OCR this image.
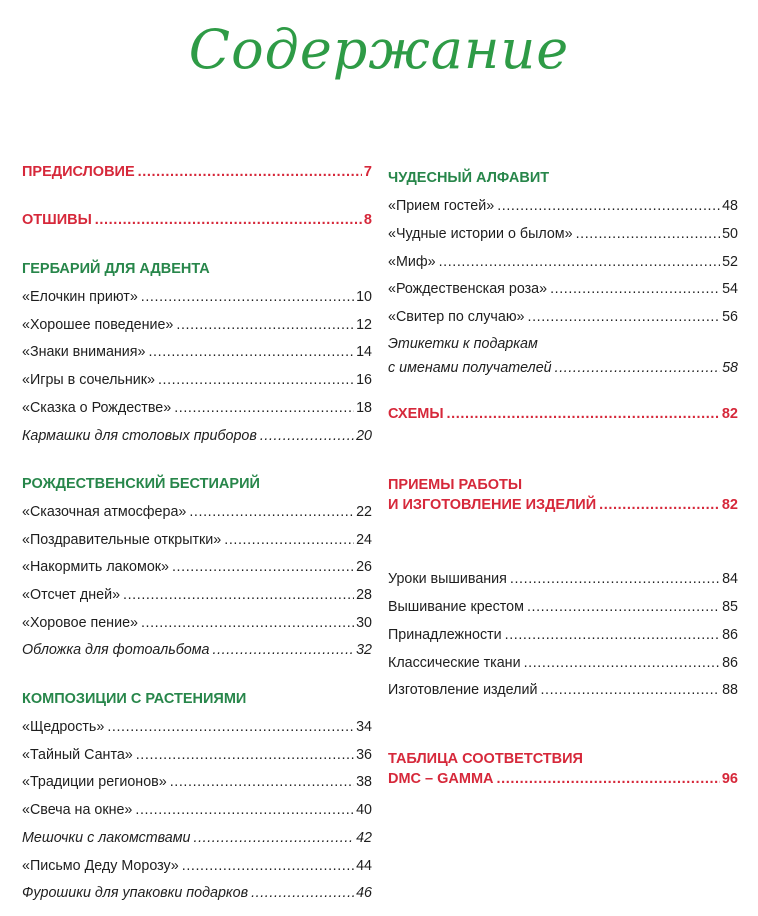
Содержание
ПРЕДИСЛОВИЕ .....	7
ОТШИВЫ .....	8
ГЕРБАРИЙ ДЛЯ АДВЕНТА
«Елочкин приют» .....	10
«Хорошее поведение» .....	12
«Знаки внимания» .....	14
«Игры в сочельник» .....	16
«Сказка о Рождестве» .....	18
Кармашки для столовых приборов .....	20
РОЖДЕСТВЕНСКИЙ БЕСТИАРИЙ
«Сказочная атмосфера» .....	22
«Поздравительные открытки» .....	24
«Накормить лакомок» .....	26
«Отсчет дней» .....	28
«Хоровое пение» .....	30
Обложка для фотоальбома .....	32
КОМПОЗИЦИИ С РАСТЕНИЯМИ
«Щедрость» .....	34
«Тайный Санта» .....	36
«Традиции регионов» .....	38
«Свеча на окне» .....	40
Мешочки с лакомствами .....	42
«Письмо Деду Морозу» .....	44
Фурошики для упаковки подарков .....	46
ЧУДЕСНЫЙ АЛФАВИТ
«Прием гостей» .....	48
«Чудные истории о былом» .....	50
«Миф» .....	52
«Рождественская роза» .....	54
«Свитер по случаю» .....	56
Этикетки к подаркам
с именами получателей .....	58
СХЕМЫ .....	82
ПРИЕМЫ РАБОТЫ
И ИЗГОТОВЛЕНИЕ ИЗДЕЛИЙ .....	82
Уроки вышивания .....	84
Вышивание крестом .....	85
Принадлежности .....	86
Классические ткани .....	86
Изготовление изделий .....	88
ТАБЛИЦА СООТВЕТСТВИЯ
DMC – GAMMA .....	96
